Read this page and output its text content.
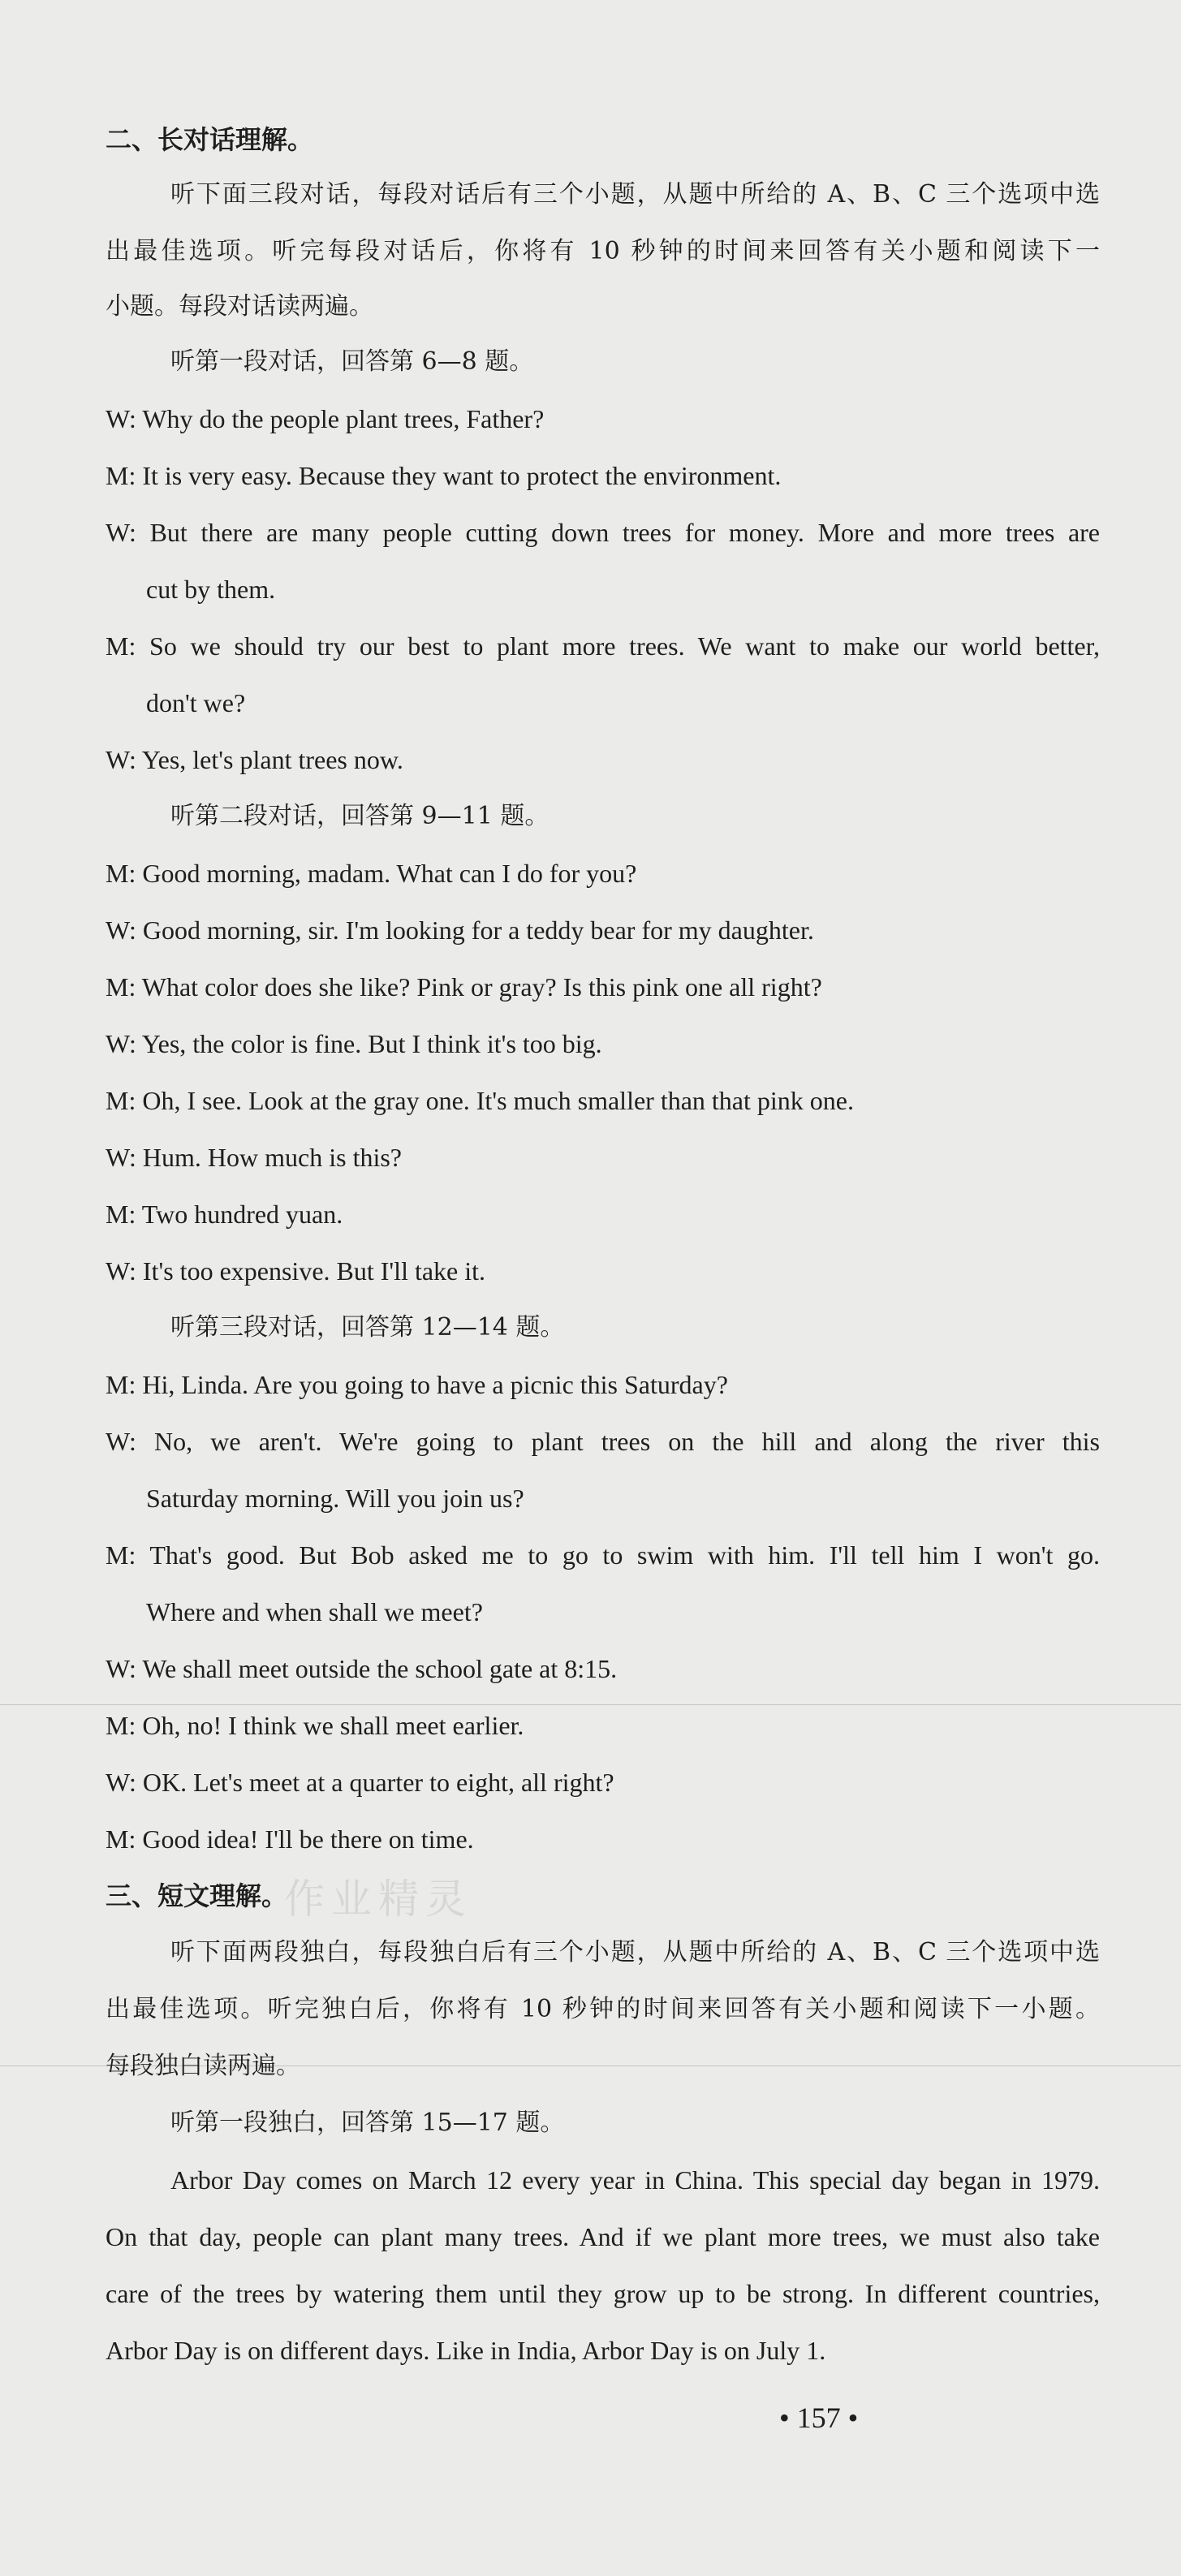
作业精灵
二、长对话理解。
听下面三段对话，每段对话后有三个小题，从题中所给的 A、B、C 三个选项中选
出最佳选项。听完每段对话后，你将有 10 秒钟的时间来回答有关小题和阅读下一
小题。每段对话读两遍。
听第一段对话，回答第 6—8 题。
W: Why do the people plant trees, Father?
M: It is very easy. Because they want to protect the environment.
W: But there are many people cutting down trees for money. More and more trees are
cut by them.
M: So we should try our best to plant more trees. We want to make our world better,
don't we?
W: Yes, let's plant trees now.
听第二段对话，回答第 9—11 题。
M: Good morning, madam. What can I do for you?
W: Good morning, sir. I'm looking for a teddy bear for my daughter.
M: What color does she like? Pink or gray? Is this pink one all right?
W: Yes, the color is fine. But I think it's too big.
M: Oh, I see. Look at the gray one. It's much smaller than that pink one.
W: Hum. How much is this?
M: Two hundred yuan.
W: It's too expensive. But I'll take it.
听第三段对话，回答第 12—14 题。
M: Hi, Linda. Are you going to have a picnic this Saturday?
W: No, we aren't. We're going to plant trees on the hill and along the river this
Saturday morning. Will you join us?
M: That's good. But Bob asked me to go to swim with him. I'll tell him I won't go.
Where and when shall we meet?
W: We shall meet outside the school gate at 8:15.
M: Oh, no! I think we shall meet earlier.
W: OK. Let's meet at a quarter to eight, all right?
M: Good idea! I'll be there on time.
三、短文理解。
听下面两段独白，每段独白后有三个小题，从题中所给的 A、B、C 三个选项中选
出最佳选项。听完独白后，你将有 10 秒钟的时间来回答有关小题和阅读下一小题。
每段独白读两遍。
听第一段独白，回答第 15—17 题。
Arbor Day comes on March 12 every year in China. This special day began in 1979.
On that day, people can plant many trees. And if we plant more trees, we must also take
care of the trees by watering them until they grow up to be strong. In different countries,
Arbor Day is on different days. Like in India, Arbor Day is on July 1.
• 157 •
